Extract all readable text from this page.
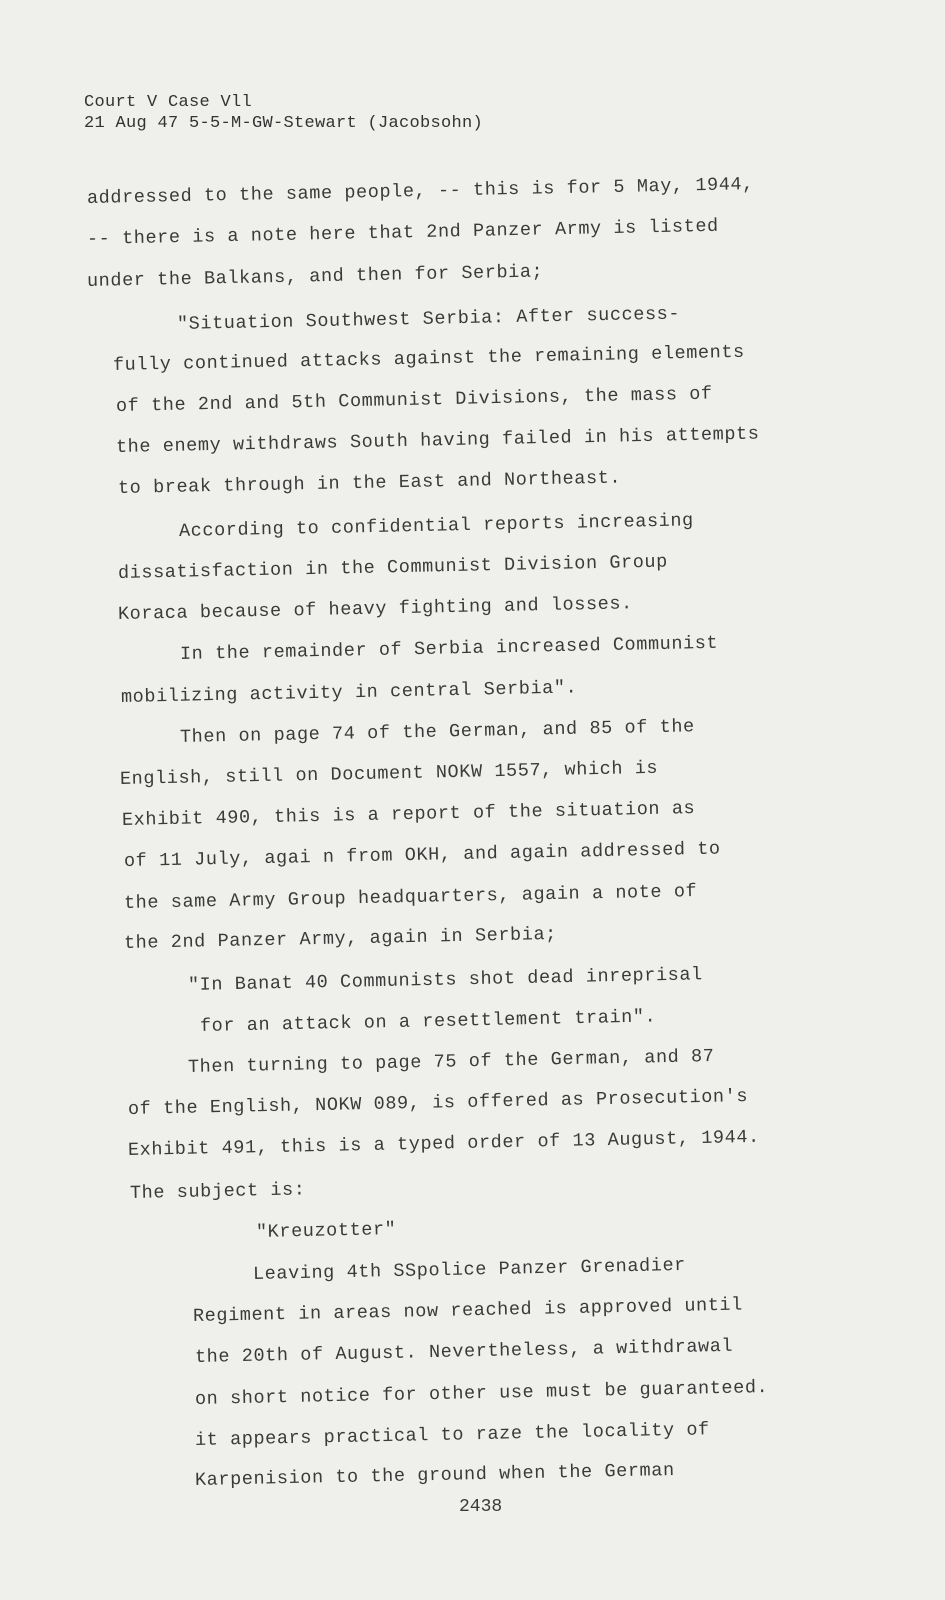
Court V Case Vll
21 Aug 47 5-5-M-GW-Stewart (Jacobsohn)
addressed to the same people, -- this is for 5 May, 1944,
-- there is a note here that 2nd Panzer Army is listed
under the Balkans, and then for Serbia;
"Situation Southwest Serbia: After success-
fully continued attacks against the remaining elements
of the 2nd and 5th Communist Divisions, the mass of
the enemy withdraws South having failed in his attempts
to break through in the East and Northeast.
According to confidential reports increasing
dissatisfaction in the Communist Division Group
Koraca because of heavy fighting and losses.
In the remainder of Serbia increased Communist
mobilizing activity in central Serbia".
Then on page 74 of the German, and 85 of the
English, still on Document NOKW 1557, which is
Exhibit 490, this is a report of the situation as
of 11 July, agai n from OKH, and again addressed to
the same Army Group headquarters, again a note of
the 2nd Panzer Army, again in Serbia;
"In Banat 40 Communists shot dead inreprisal
for an attack on a resettlement train".
Then turning to page 75 of the German, and 87
of the English, NOKW 089, is offered as Prosecution's
Exhibit 491, this is a typed order of 13 August, 1944.
The subject is:
"Kreuzotter"
Leaving 4th SSpolice Panzer Grenadier
Regiment in areas now reached is approved until
the 20th of August. Nevertheless, a withdrawal
on short notice for other use must be guaranteed.
it appears practical to raze the locality of
Karpenision to the ground when the German
2438
